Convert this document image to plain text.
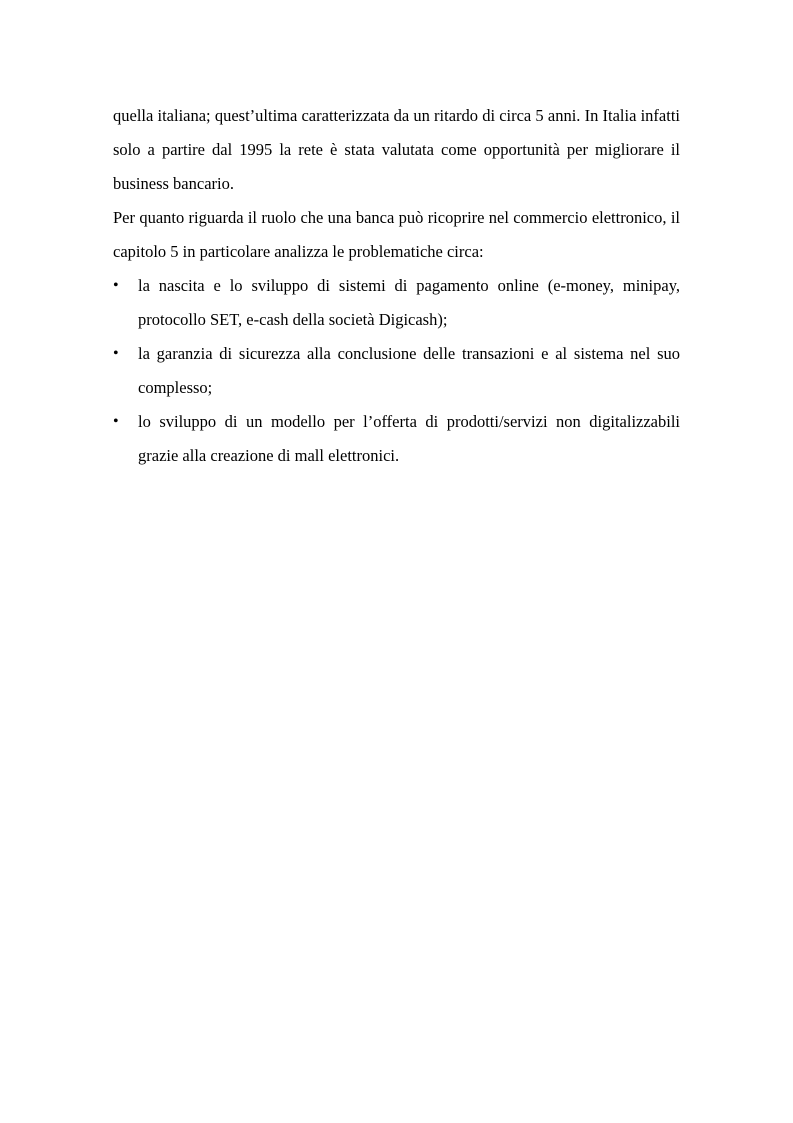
quella italiana; quest’ultima caratterizzata da un ritardo di circa 5 anni. In Italia infatti solo a partire dal 1995 la rete è stata valutata come opportunità per migliorare il business bancario.

Per quanto riguarda il ruolo che una banca può ricoprire nel commercio elettronico, il capitolo 5 in particolare analizza le problematiche circa:

• la nascita e lo sviluppo di sistemi di pagamento online (e-money, minipay, protocollo SET, e-cash della società Digicash);
• la garanzia di sicurezza alla conclusione delle transazioni e al sistema nel suo complesso;
• lo sviluppo di un modello per l’offerta di prodotti/servizi non digitalizzabili grazie alla creazione di mall elettronici.
